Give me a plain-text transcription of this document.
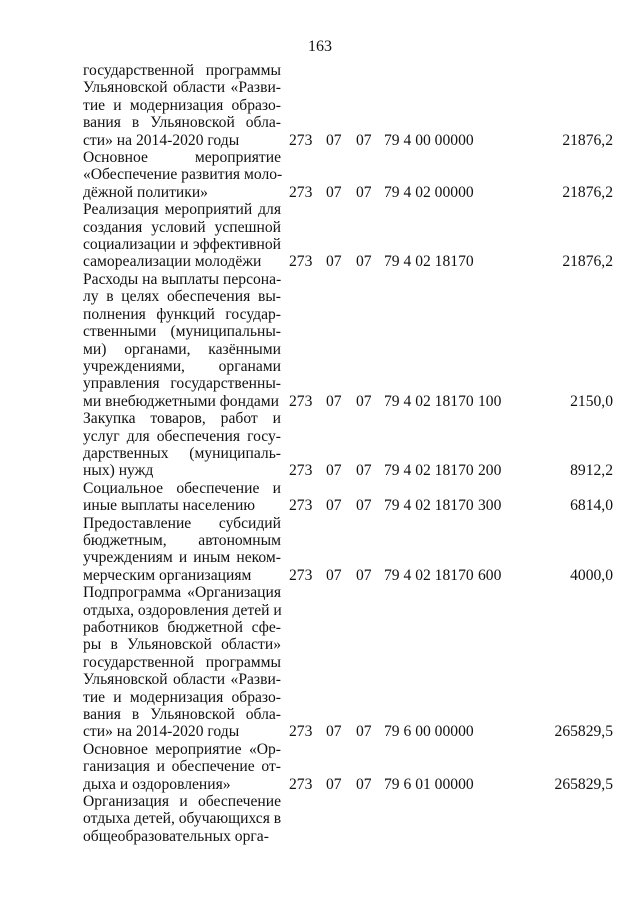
163
государственной программы
Ульяновской области «Разви-
тие и модернизация образо-
вания в Ульяновской обла-
сти» на 2014-2020 годы	273 07 07 79 4 00 00000	21876,2
Основное мероприятие
«Обеспечение развития моло-
дёжной политики»	273 07 07 79 4 02 00000	21876,2
Реализация мероприятий для
создания условий успешной
социализации и эффективной
самореализации молодёжи	273 07 07 79 4 02 18170	21876,2
Расходы на выплаты персона-
лу в целях обеспечения вы-
полнения функций государ-
ственными (муниципальны-
ми) органами, казёнными
учреждениями, органами
управления государственны-
ми внебюджетными фондами 273 07 07 79 4 02 18170 100	2150,0
Закупка товаров, работ и
услуг для обеспечения госу-
дарственных (муниципаль-
ных) нужд	273 07 07 79 4 02 18170 200	8912,2
Социальное обеспечение и
иные выплаты населению	273 07 07 79 4 02 18170 300	6814,0
Предоставление субсидий
бюджетным, автономным
учреждениям и иным неком-
мерческим организациям	273 07 07 79 4 02 18170 600	4000,0
Подпрограмма «Организация
отдыха, оздоровления детей и
работников бюджетной сфе-
ры в Ульяновской области»
государственной программы
Ульяновской области «Разви-
тие и модернизация образо-
вания в Ульяновской обла-
сти» на 2014-2020 годы	273 07 07 79 6 00 00000	265829,5
Основное мероприятие «Ор-
ганизация и обеспечение от-
дыха и оздоровления»	273 07 07 79 6 01 00000	265829,5
Организация и обеспечение
отдыха детей, обучающихся в
общеобразовательных орга-
